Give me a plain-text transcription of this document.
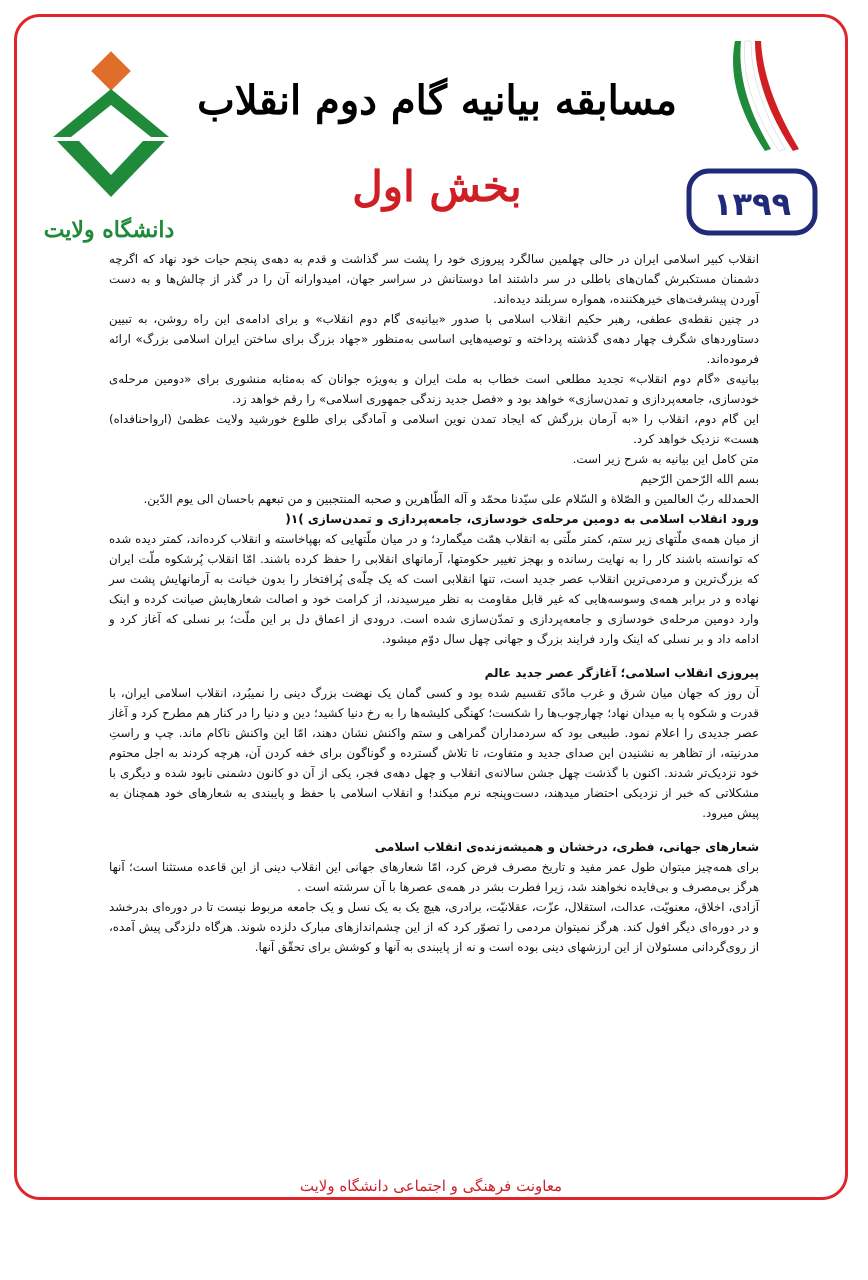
دانشگاه ولایت
۱۳۹۹
مسابقه بیانیه گام دوم انقلاب
بخش اول

انقلاب کبیر اسلامی ایران در حالی چهلمین سالگرد پیروزی خود را پشت سر گذاشت و قدم به دهه‌ی پنجم حیات خود نهاد که اگرچه دشمنان مستکبرش گمان‌های باطلی در سر داشتند اما دوستانش در سراسر جهان، امیدوارانه آن را در گذر از چالش‌ها و به دست آوردن پیشرفت‌های خیرهکننده، همواره سربلند دیده‌اند.

در چنین نقطه‌ی عطفی، رهبر حکیم انقلاب اسلامی با صدور «بیانیه‌ی گام دوم انقلاب» و برای ادامه‌ی این راه روشن، به تبیین دستاوردهای شگرف چهار دهه‌ی گذشته پرداخته و توصیه‌هایی اساسی به‌منظور «جهاد بزرگ برای ساختن ایران اسلامی بزرگ» ارائه فرموده‌اند.

بیانیه‌ی «گام دوم انقلاب» تجدید مطلعی است خطاب به ملت ایران و به‌ویژه جوانان که به‌مثابه منشوری برای «دومین مرحله‌ی خودسازی، جامعه‌پردازی و تمدن‌سازی» خواهد بود و «فصل جدید زندگی جمهوری اسلامی» را رقم خواهد زد.

این گام دوم، انقلاب را «به آرمان بزرگش که ایجاد تمدن نوین اسلامی و آمادگی برای طلوع خورشید ولایت عظمیٰ (ارواحنافداه) هست» نزدیک خواهد کرد.

متن کامل این بیانیه به شرح زیر است.

بسم الله الرّحمن الرّحیم

الحمدلله ربّ العالمین و الصّلاة و السّلام علی سیّدنا محمّد و آله الطّاهرین و صحبه المنتجبین و من تبعهم باحسان الی یوم الدّین.

ورود انقلاب اسلامی به دومین مرحله‌ی خودسازی، جامعه‌پردازی و تمدن‌سازی )۱(

از میان همه‌ی ملّتهای زیر ستم، کمتر ملّتی به انقلاب همّت میگمارد؛ و در میان ملّتهایی که بهپاخاسته و انقلاب کرده‌اند، کمتر دیده شده که توانسته باشند کار را به نهایت رسانده و بهجز تغییر حکومتها، آرمانهای انقلابی را حفظ کرده باشند. امّا انقلاب پُرشکوه ملّت ایران که بزرگ‌ترین و مردمی‌ترین انقلاب عصر جدید است، تنها انقلابی است که یک چلّه‌ی پُرافتخار را بدون خیانت به آرمانهایش پشت سر نهاده و در برابر همه‌ی وسوسه‌هایی که غیر قابل مقاومت به نظر میرسیدند، از کرامت خود و اصالت شعارهایش صیانت کرده و اینک وارد دومین مرحله‌ی خودسازی و جامعه‌پردازی و تمدّن‌سازی شده است. درودی از اعماق دل بر این ملّت؛ بر نسلی که آغاز کرد و ادامه داد و بر نسلی که اینک وارد فرایند بزرگ و جهانی چهل سال دوّم میشود.

پیروزی انقلاب اسلامی؛ آغازگر عصر جدید عالم

آن روز که جهان میان شرق و غرب مادّی تقسیم شده بود و کسی گمان یک نهضت بزرگ دینی را نمیبُرد، انقلاب اسلامی ایران، با قدرت و شکوه پا به میدان نهاد؛ چهارچوب‌ها را شکست؛ کهنگی کلیشه‌ها را به رخ دنیا کشید؛ دین و دنیا را در کنار هم مطرح کرد و آغاز عصر جدیدی را اعلام نمود. طبیعی بود که سردمداران گمراهی و ستم واکنش نشان دهند، امّا این واکنش ناکام ماند. چپ و راستِ مدرنیته، از تظاهر به نشنیدن این صدای جدید و متفاوت، تا تلاش گسترده و گوناگون برای خفه کردن آن، هرچه کردند به اجل محتوم خود نزدیک‌تر شدند. اکنون با گذشت چهل جشن سالانه‌ی انقلاب و چهل دهه‌ی فجر، یکی از آن دو کانون دشمنی نابود شده و دیگری با مشکلاتی که خبر از نزدیکی احتضار میدهند، دست‌وپنجه نرم میکند! و انقلاب اسلامی با حفظ و پایبندی به شعارهای خود همچنان به پیش میرود.

شعارهای جهانی، فطری، درخشان و همیشه‌زنده‌ی انقلاب اسلامی

برای همه‌چیز میتوان طول عمر مفید و تاریخ مصرف فرض کرد، امّا شعارهای جهانی این انقلاب دینی از این قاعده مستثنا است؛ آنها هرگز بی‌مصرف و بی‌فایده نخواهند شد، زیرا فطرت بشر در همه‌ی عصرها با آن سرشته است .

آزادی، اخلاق، معنویّت، عدالت، استقلال، عزّت، عقلانیّت، برادری، هیچ یک به یک نسل و یک جامعه مربوط نیست تا در دوره‌ای بدرخشد و در دوره‌ای دیگر افول کند. هرگز نمیتوان مردمی را تصوّر کرد که از این چشم‌اندازهای مبارک دلزده شوند. هرگاه دلزدگی پیش آمده، از روی‌گردانی مسئولان از این ارزشهای دینی بوده است و نه از پایبندی به آنها و کوشش برای تحقّق آنها.

معاونت فرهنگی و اجتماعی دانشگاه ولایت
